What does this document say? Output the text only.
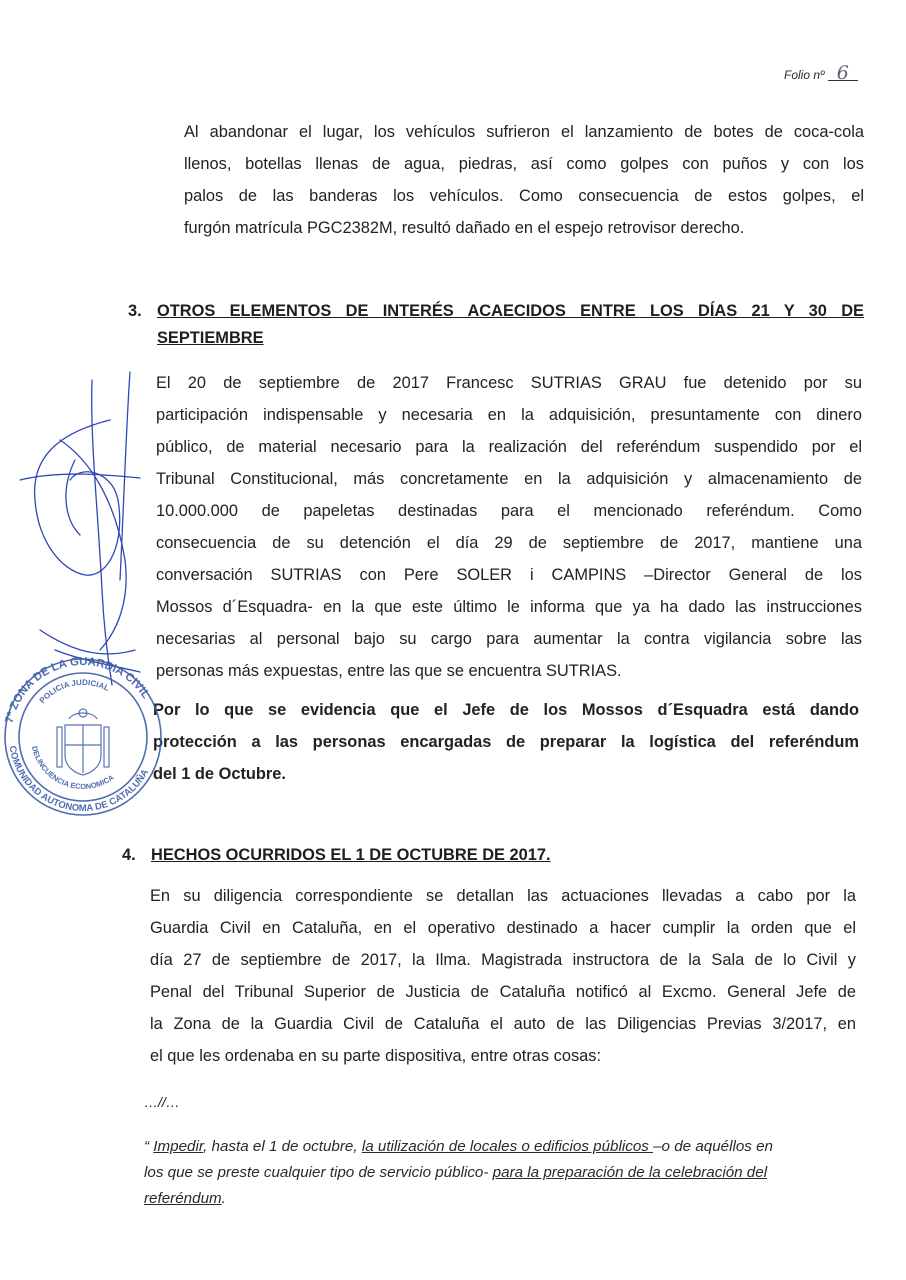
Folio nº 6
Al abandonar el lugar, los vehículos sufrieron el lanzamiento de botes de coca-cola
llenos, botellas llenas de agua, piedras, así como golpes con puños y con los
palos de las banderas los vehículos. Como consecuencia de estos golpes, el
furgón matrícula PGC2382M, resultó dañado en el espejo retrovisor derecho.
3. OTROS ELEMENTOS DE INTERÉS ACAECIDOS ENTRE LOS DÍAS 21 Y 30 DE
SEPTIEMBRE
El 20 de septiembre de 2017 Francesc SUTRIAS GRAU fue detenido por su
participación indispensable y necesaria en la adquisición, presuntamente con dinero
público, de material necesario para la realización del referéndum suspendido por el
Tribunal Constitucional, más concretamente en la adquisición y almacenamiento de
10.000.000 de papeletas destinadas para el mencionado referéndum. Como
consecuencia de su detención el día 29 de septiembre de 2017, mantiene una
conversación SUTRIAS con Pere SOLER i CAMPINS –Director General de los
Mossos d´Esquadra- en la que este último le informa que ya ha dado las instrucciones
necesarias al personal bajo su cargo para aumentar la contra vigilancia sobre las
personas más expuestas, entre las que se encuentra SUTRIAS.
Por lo que se evidencia que el Jefe de los Mossos d´Esquadra está dando
protección a las personas encargadas de preparar la logística del referéndum
del 1 de Octubre.
4. HECHOS OCURRIDOS EL 1 DE OCTUBRE DE 2017.
En su diligencia correspondiente se detallan las actuaciones llevadas a cabo por la
Guardia Civil en Cataluña, en el operativo destinado a hacer cumplir la orden que el
día 27 de septiembre de 2017, la Ilma. Magistrada instructora de la Sala de lo Civil y
Penal del Tribunal Superior de Justicia de Cataluña notificó al Excmo. General Jefe de
la Zona de la Guardia Civil de Cataluña el auto de las Diligencias Previas 3/2017, en
el que les ordenaba en su parte dispositiva, entre otras cosas:
…//…
“ Impedir, hasta el 1 de octubre, la utilización de locales o edificios públicos –o de aquéllos en
los que se preste cualquier tipo de servicio público- para la preparación de la celebración del
referéndum.
7ª ZONA DE LA GUARDIA CIVIL
POLICIA JUDICIAL
DELINCUENCIA ECONOMICA
COMUNIDAD AUTONOMA DE CATALUÑA
